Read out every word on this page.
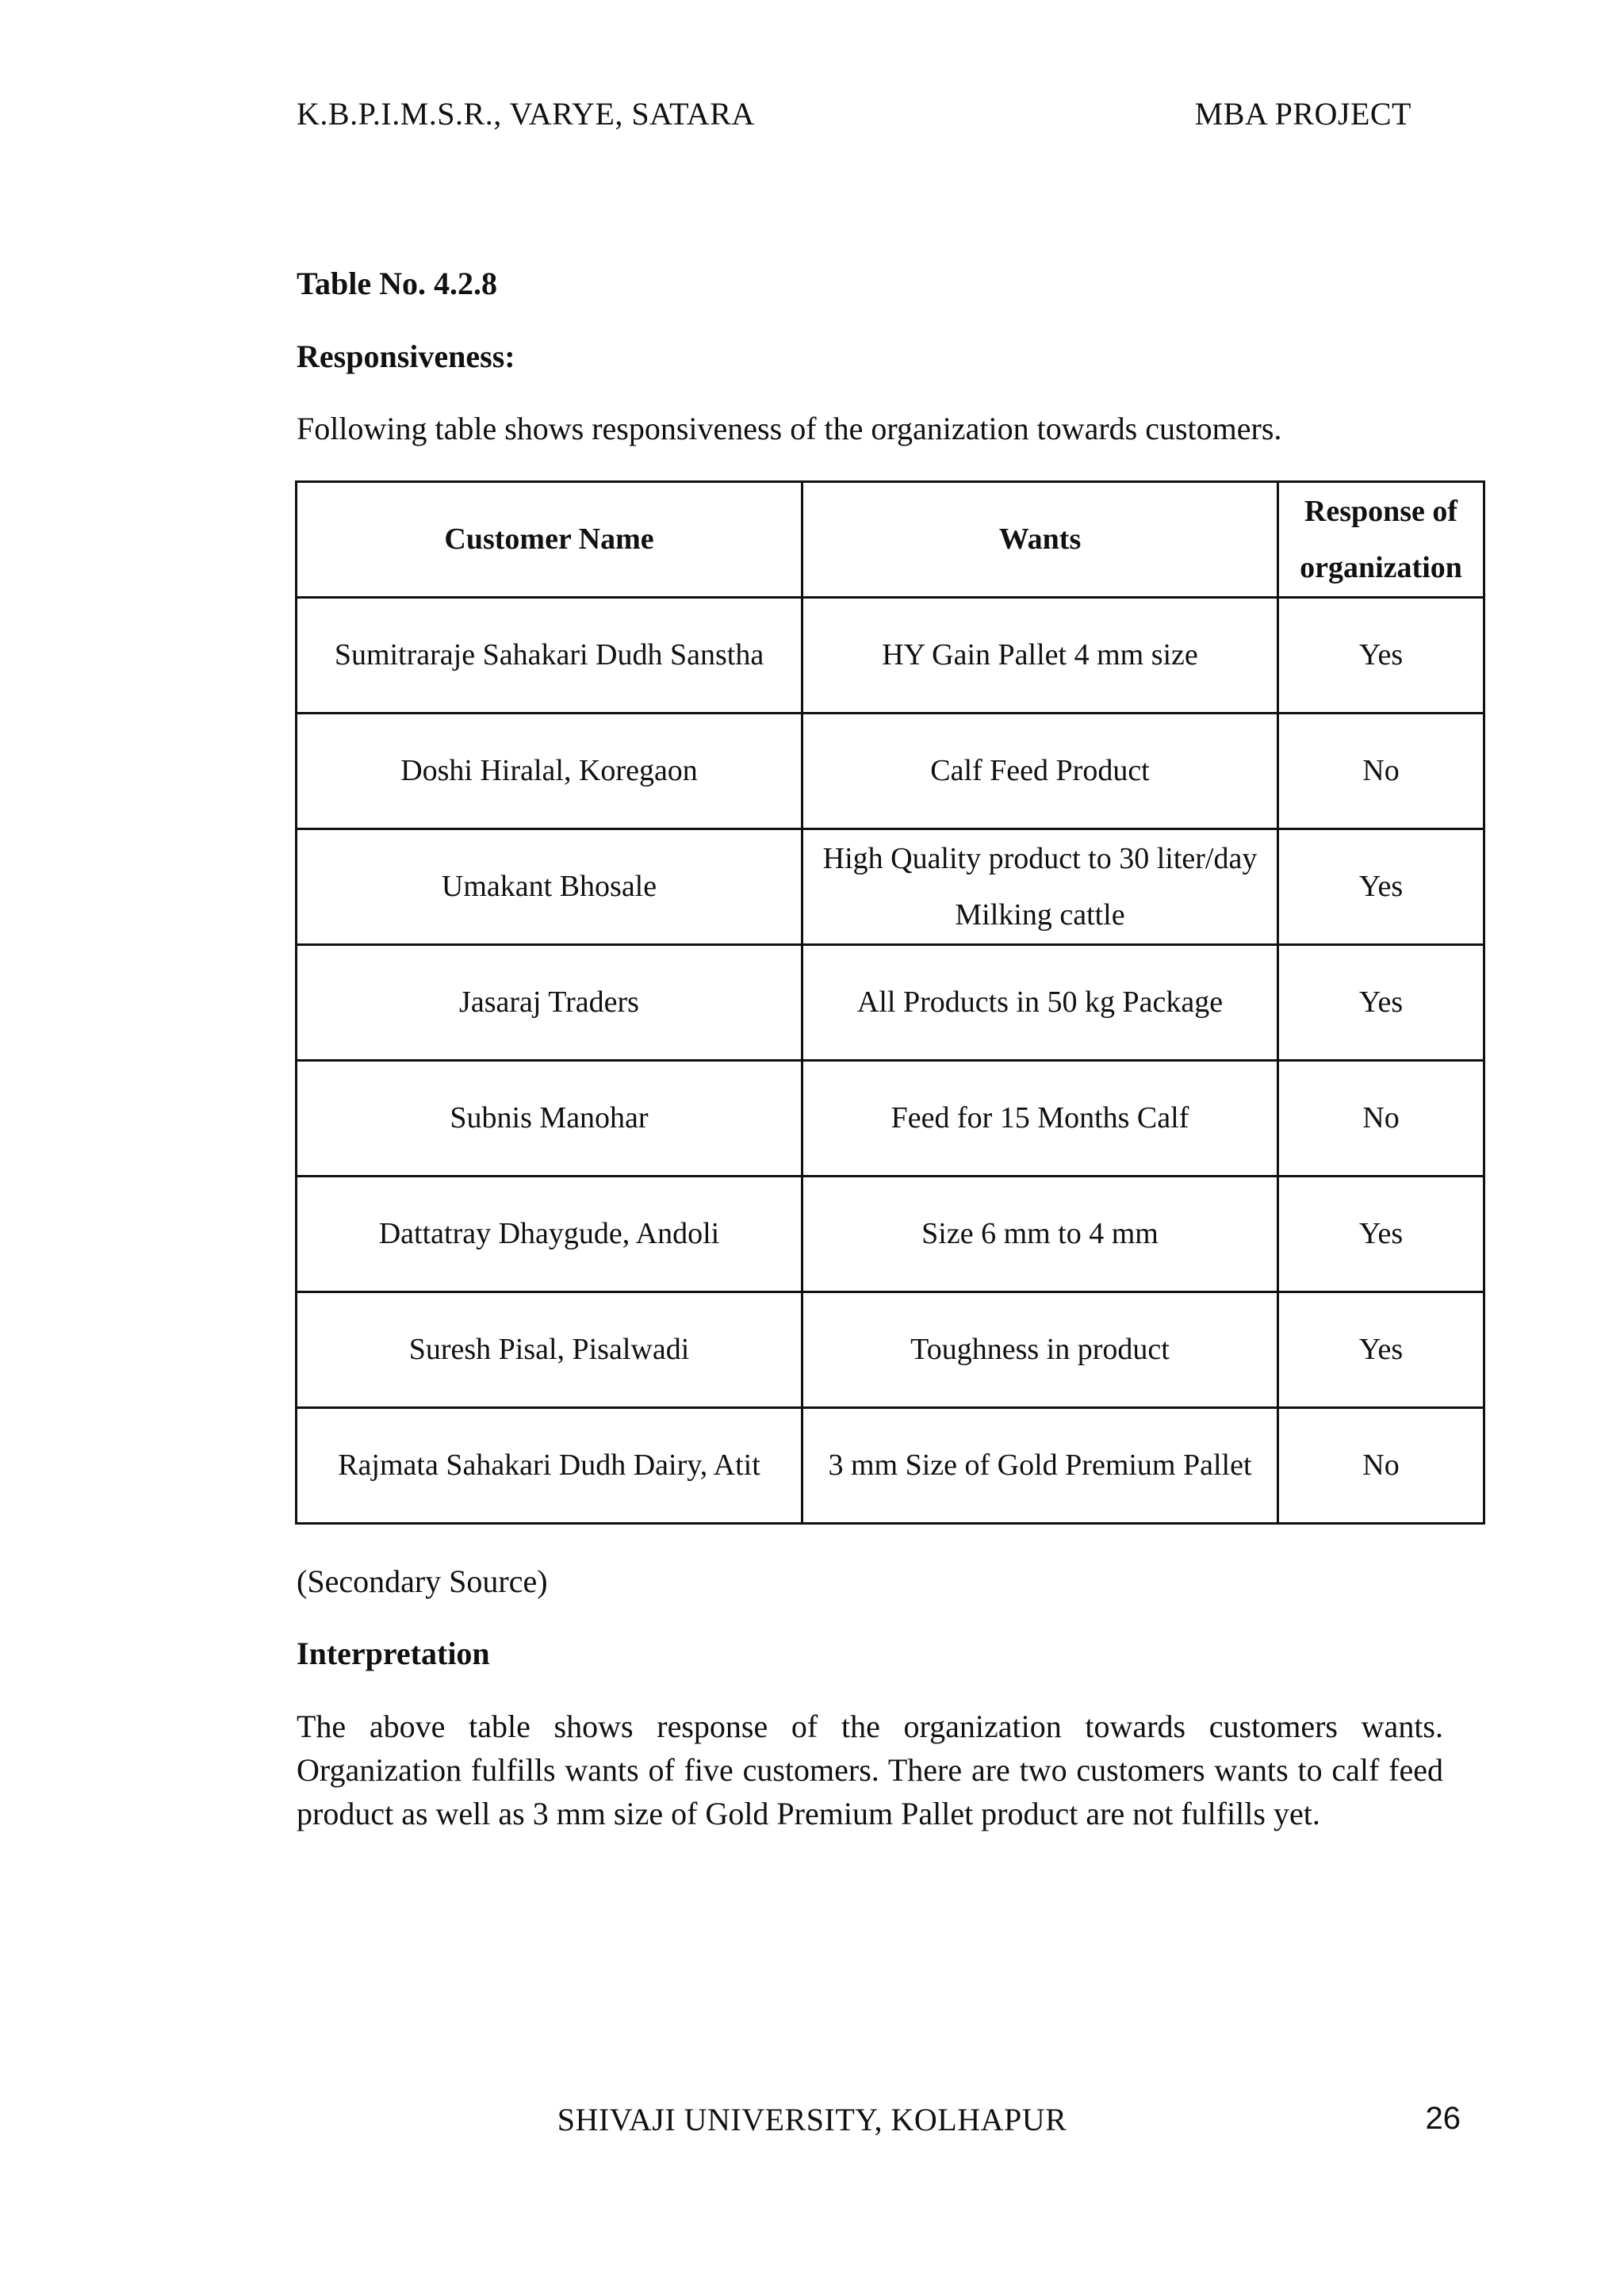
K.B.P.I.M.S.R., VARYE, SATARA	MBA PROJECT
Table No. 4.2.8
Responsiveness:
Following table shows responsiveness of the organization towards customers.
Customer Name	Wants	Response of organization
Sumitraraje Sahakari Dudh Sanstha	HY Gain Pallet 4 mm size	Yes
Doshi Hiralal, Koregaon	Calf Feed Product	No
Umakant Bhosale	High Quality product to 30 liter/day Milking cattle	Yes
Jasaraj Traders	All Products in 50 kg Package	Yes
Subnis Manohar	Feed for 15 Months Calf	No
Dattatray Dhaygude, Andoli	Size 6 mm to 4 mm	Yes
Suresh Pisal, Pisalwadi	Toughness in product	Yes
Rajmata Sahakari Dudh Dairy, Atit	3 mm Size of Gold Premium Pallet	No
(Secondary Source)
Interpretation
The above table shows response of the organization towards customers wants. Organization fulfills wants of five customers. There are two customers wants to calf feed product as well as 3 mm size of Gold Premium Pallet product are not fulfills yet.
SHIVAJI UNIVERSITY, KOLHAPUR	26
